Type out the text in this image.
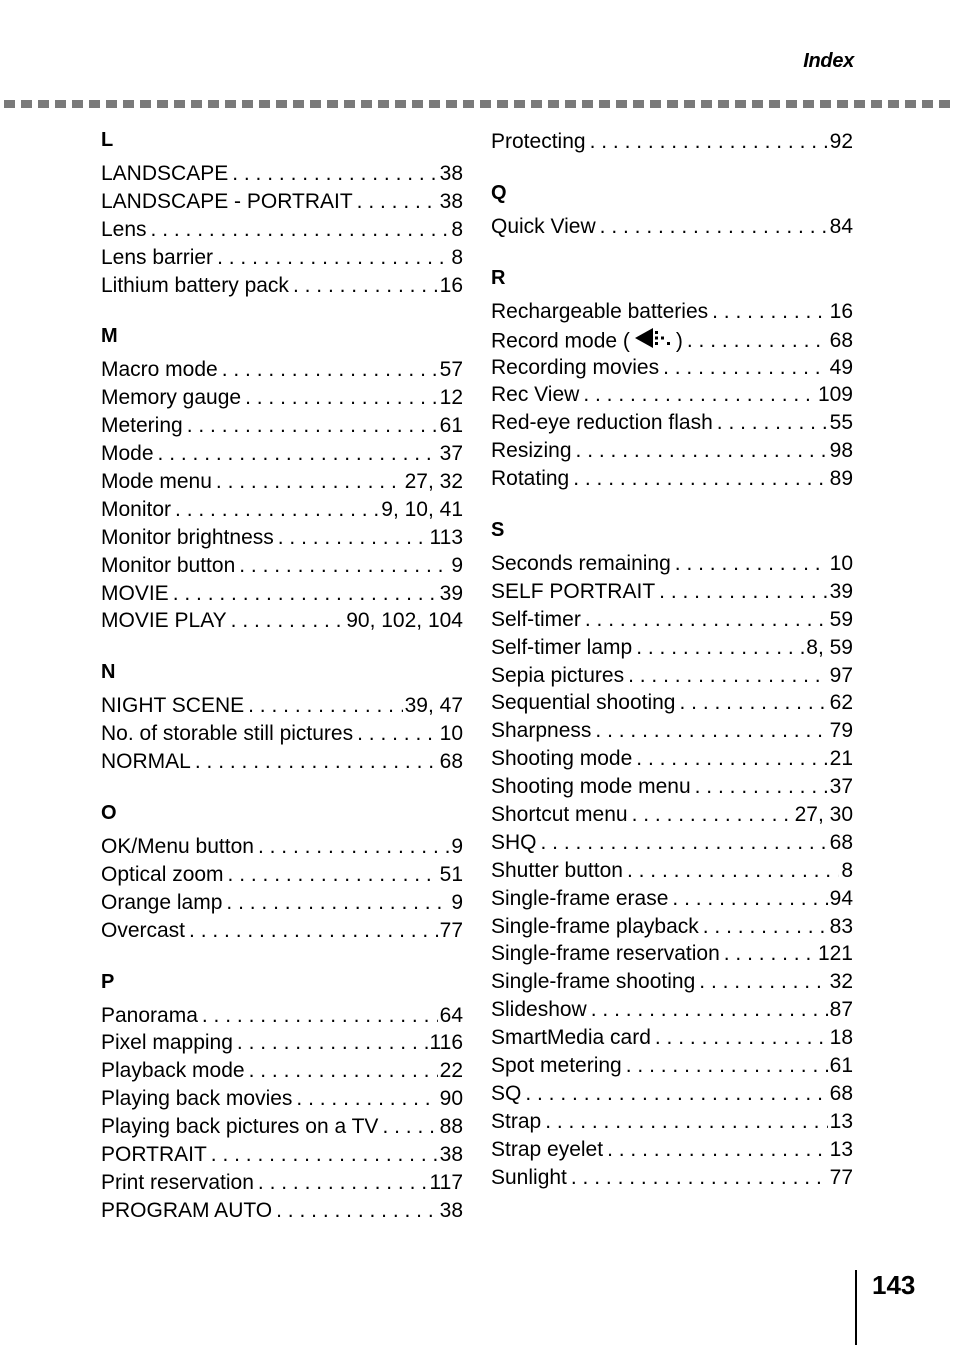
Index
L
LANDSCAPE . . .	38
LANDSCAPE - PORTRAIT . . .	38
Lens . . .	8
Lens barrier . . .	8
Lithium battery pack . . .	16
M
Macro mode . . .	57
Memory gauge . . .	12
Metering . . .	61
Mode . . .	37
Mode menu . . .	27, 32
Monitor . . .	9, 10, 41
Monitor brightness . . .	113
Monitor button . . .	9
MOVIE . . .	39
MOVIE PLAY . . .	90, 102, 104
N
NIGHT SCENE . . .	39, 47
No. of storable still pictures . . .	10
NORMAL . . .	68
O
OK/Menu button . . .	9
Optical zoom . . .	51
Orange lamp . . .	9
Overcast . . .	77
P
Panorama . . .	64
Pixel mapping . . .	116
Playback mode . . .	22
Playing back movies . . .	90
Playing back pictures on a TV . . .	88
PORTRAIT . . .	38
Print reservation . . .	117
PROGRAM AUTO . . .	38
Protecting . . .	92
Q
Quick View . . .	84
R
Rechargeable batteries . . .	16
Record mode ( ) . . .	68
Recording movies . . .	49
Rec View . . .	109
Red-eye reduction flash . . .	55
Resizing . . .	98
Rotating . . .	89
S
Seconds remaining . . .	10
SELF PORTRAIT . . .	39
Self-timer . . .	59
Self-timer lamp . . .	8, 59
Sepia pictures . . .	97
Sequential shooting . . .	62
Sharpness . . .	79
Shooting mode . . .	21
Shooting mode menu . . .	37
Shortcut menu . . .	27, 30
SHQ . . .	68
Shutter button . . .	8
Single-frame erase . . .	94
Single-frame playback . . .	83
Single-frame reservation . . .	121
Single-frame shooting . . .	32
Slideshow . . .	87
SmartMedia card . . .	18
Spot metering . . .	61
SQ . . .	68
Strap . . .	13
Strap eyelet . . .	13
Sunlight . . .	77
143
